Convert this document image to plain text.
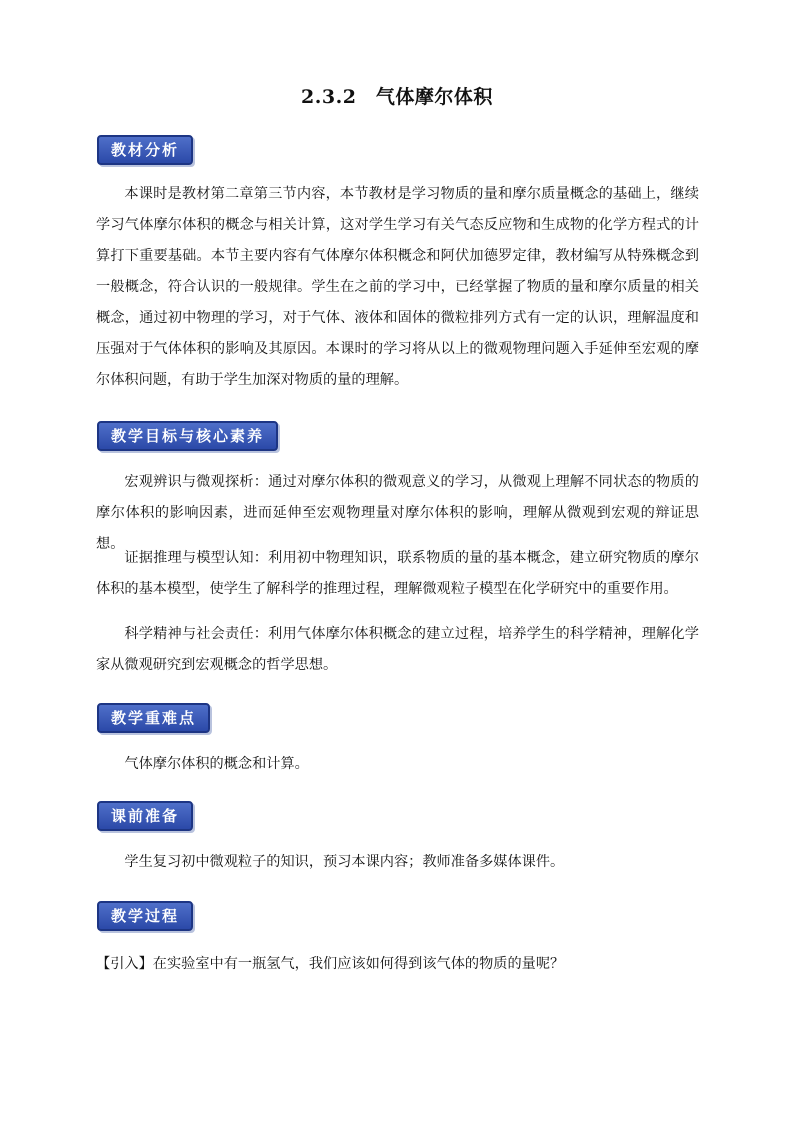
2.3.2　气体摩尔体积
教材分析

本课时是教材第二章第三节内容，本节教材是学习物质的量和摩尔质量概念的基础上，继续学习气体摩尔体积的概念与相关计算，这对学生学习有关气态反应物和生成物的化学方程式的计算打下重要基础。本节主要内容有气体摩尔体积概念和阿伏加德罗定律，教材编写从特殊概念到一般概念，符合认识的一般规律。学生在之前的学习中，已经掌握了物质的量和摩尔质量的相关概念，通过初中物理的学习，对于气体、液体和固体的微粒排列方式有一定的认识，理解温度和压强对于气体体积的影响及其原因。本课时的学习将从以上的微观物理问题入手延伸至宏观的摩尔体积问题，有助于学生加深对物质的量的理解。

教学目标与核心素养

宏观辨识与微观探析：通过对摩尔体积的微观意义的学习，从微观上理解不同状态的物质的摩尔体积的影响因素，进而延伸至宏观物理量对摩尔体积的影响，理解从微观到宏观的辩证思想。

证据推理与模型认知：利用初中物理知识，联系物质的量的基本概念，建立研究物质的摩尔体积的基本模型，使学生了解科学的推理过程，理解微观粒子模型在化学研究中的重要作用。

科学精神与社会责任：利用气体摩尔体积概念的建立过程，培养学生的科学精神，理解化学家从微观研究到宏观概念的哲学思想。

教学重难点

气体摩尔体积的概念和计算。

课前准备

学生复习初中微观粒子的知识，预习本课内容；教师准备多媒体课件。

教学过程

【引入】在实验室中有一瓶氢气，我们应该如何得到该气体的物质的量呢？
